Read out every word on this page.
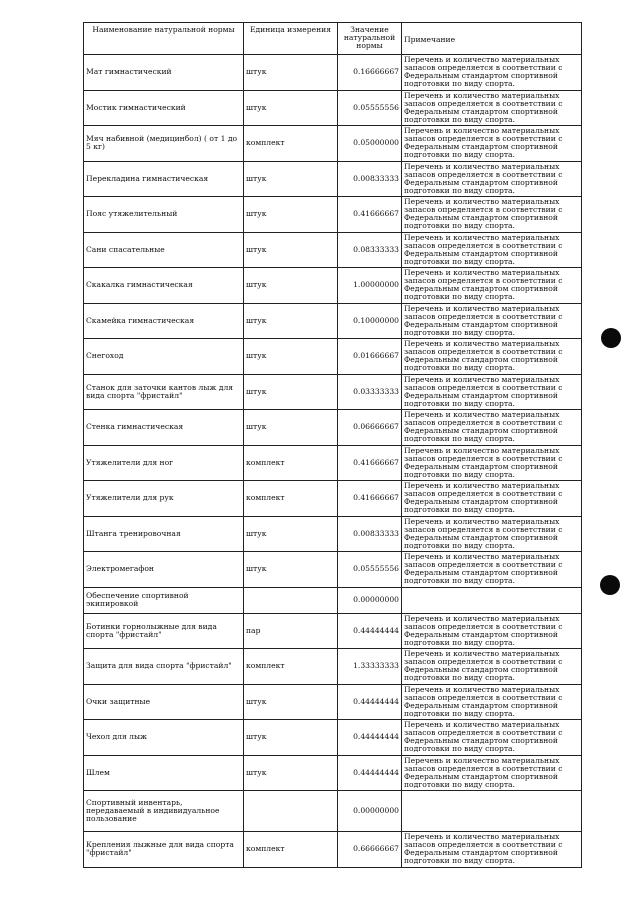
Наименование натуральной нормы	Единица измерения	Значение натуральной нормы	Примечание
Мат гимнастический	штук	0.16666667	Перечень и количество материальных запасов определяется в соответствии с Федеральным стандартом спортивной подготовки по виду спорта.
Мостик гимнастический	штук	0.05555556	Перечень и количество материальных запасов определяется в соответствии с Федеральным стандартом спортивной подготовки по виду спорта.
Мяч набивной (медицинбол) ( от 1 до 5 кг)	комплект	0.05000000	Перечень и количество материальных запасов определяется в соответствии с Федеральным стандартом спортивной подготовки по виду спорта.
Перекладина гимнастическая	штук	0.00833333	Перечень и количество материальных запасов определяется в соответствии с Федеральным стандартом спортивной подготовки по виду спорта.
Пояс утяжелительный	штук	0.41666667	Перечень и количество материальных запасов определяется в соответствии с Федеральным стандартом спортивной подготовки по виду спорта.
Сани спасательные	штук	0.08333333	Перечень и количество материальных запасов определяется в соответствии с Федеральным стандартом спортивной подготовки по виду спорта.
Скакалка гимнастическая	штук	1.00000000	Перечень и количество материальных запасов определяется в соответствии с Федеральным стандартом спортивной подготовки по виду спорта.
Скамейка гимнастическая	штук	0.10000000	Перечень и количество материальных запасов определяется в соответствии с Федеральным стандартом спортивной подготовки по виду спорта.
Снегоход	штук	0.01666667	Перечень и количество материальных запасов определяется в соответствии с Федеральным стандартом спортивной подготовки по виду спорта.
Станок для заточки кантов лыж для вида спорта "фристайл"	штук	0.03333333	Перечень и количество материальных запасов определяется в соответствии с Федеральным стандартом спортивной подготовки по виду спорта.
Стенка гимнастическая	штук	0.06666667	Перечень и количество материальных запасов определяется в соответствии с Федеральным стандартом спортивной подготовки по виду спорта.
Утяжелители для ног	комплект	0.41666667	Перечень и количество материальных запасов определяется в соответствии с Федеральным стандартом спортивной подготовки по виду спорта.
Утяжелители для рук	комплект	0.41666667	Перечень и количество материальных запасов определяется в соответствии с Федеральным стандартом спортивной подготовки по виду спорта.
Штанга тренировочная	штук	0.00833333	Перечень и количество материальных запасов определяется в соответствии с Федеральным стандартом спортивной подготовки по виду спорта.
Электромегафон	штук	0.05555556	Перечень и количество материальных запасов определяется в соответствии с Федеральным стандартом спортивной подготовки по виду спорта.
Обеспечение спортивной экипировкой		0.00000000	
Ботинки горнолыжные для вида спорта "фристайл"	пар	0.44444444	Перечень и количество материальных запасов определяется в соответствии с Федеральным стандартом спортивной подготовки по виду спорта.
Защита для вида спорта "фристайл"	комплект	1.33333333	Перечень и количество материальных запасов определяется в соответствии с Федеральным стандартом спортивной подготовки по виду спорта.
Очки защитные	штук	0.44444444	Перечень и количество материальных запасов определяется в соответствии с Федеральным стандартом спортивной подготовки по виду спорта.
Чехол для лыж	штук	0.44444444	Перечень и количество материальных запасов определяется в соответствии с Федеральным стандартом спортивной подготовки по виду спорта.
Шлем	штук	0.44444444	Перечень и количество материальных запасов определяется в соответствии с Федеральным стандартом спортивной подготовки по виду спорта.
Спортивный инвентарь, передаваемый в индивидуальное пользование		0.00000000	
Крепления лыжные для вида спорта "фристайл"	комплект	0.66666667	Перечень и количество материальных запасов определяется в соответствии с Федеральным стандартом спортивной подготовки по виду спорта.
